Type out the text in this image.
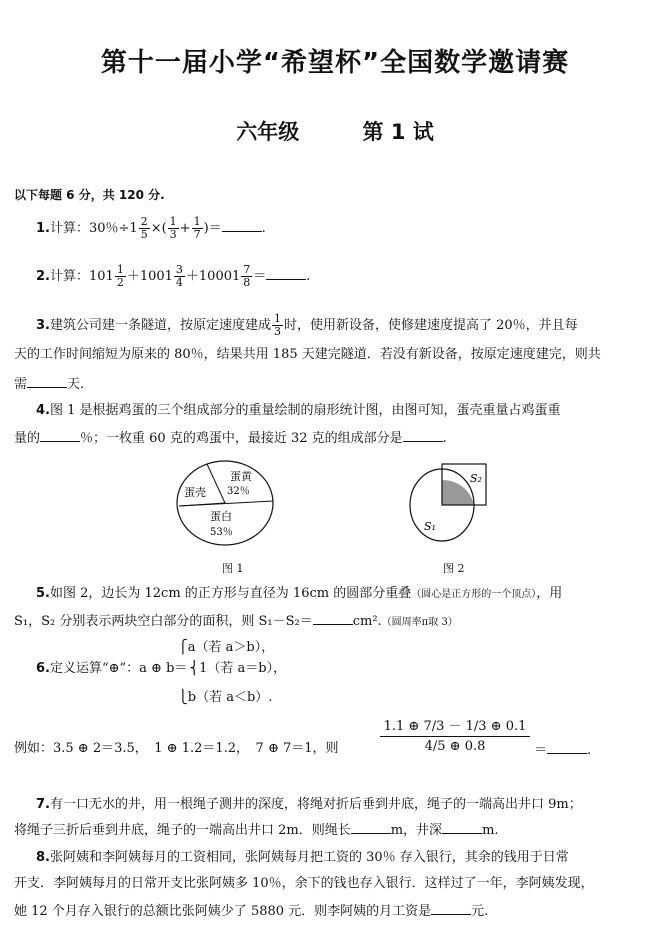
第十一届小学“希望杯”全国数学邀请赛
六年级	第 1 试
以下每题 6 分，共 120 分.
1.计算：30％$\div 1 \frac{2}{5}$ ×( $\frac{1}{3} + \frac{1}{7}$ )＝	.
2.计算：$101 \frac{1}{2} +1001 \frac{3}{4} +10001 \frac{7}{8}$ ＝	.
3.建筑公司建一条隧道，按原定速度建成 $\frac{1}{3}$ 时，使用新设备，使修建速度提高了 20％，并且每
天的工作时间缩短为原来的 80％，结果共用 185 天建完隧道．若没有新设备，按原定速度建完，则共
需	天.
4.图 1 是根据鸡蛋的三个组成部分的重量绘制的扇形统计图，由图可知，蛋壳重量占鸡蛋重
量的	％；一枚重 60 克的鸡蛋中，最接近 32 克的组成部分是	.
蛋黄
32％
蛋壳
蛋白
53％
图 1
S₂
S₁
图 2
5.如图 2，边长为 12cm 的正方形与直径为 16cm 的圆部分重叠（圆心是正方形的一个顶点），用
S₁，S₂ 分别表示两块空白部分的面积，则 S₁－S₂＝	cm².（圆周率π取 3）
⎧a（若 a＞b），
6.定义运算“⊕”：a ⊕ b＝ ⎨1（若 a＝b），
⎩b（若 a＜b）.
$\frac{1.1 \oplus 7/3 - 1/3 \oplus 0.1}{4/5 \oplus 0.8}$
例如：3.5 ⊕ 2＝3.5，　1 ⊕ 1.2＝1.2，　7 ⊕ 7＝1，则	＝	.
7.有一口无水的井，用一根绳子测井的深度，将绳对折后垂到井底，绳子的一端高出井口 9m；
将绳子三折后垂到井底，绳子的一端高出井口 2m．则绳长	m，井深	m.
8.张阿姨和李阿姨每月的工资相同，张阿姨每月把工资的 30％ 存入银行，其余的钱用于日常
开支．李阿姨每月的日常开支比张阿姨多 10％，余下的钱也存入银行．这样过了一年，李阿姨发现，
她 12 个月存入银行的总额比张阿姨少了 5880 元．则李阿姨的月工资是	元.
